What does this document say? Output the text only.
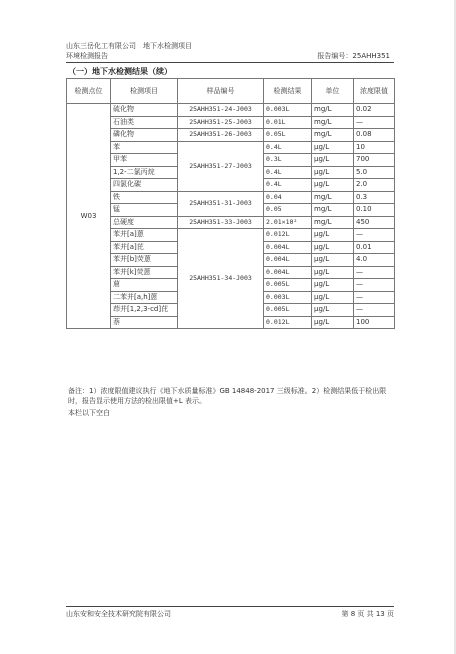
山东三岳化工有限公司　地下水检测项目
环境检测报告	报告编号：25AHH351
（一）地下水检测结果（续）
检测点位	检测项目	样品编号	检测结果	单位	浓度限值
W03	硫化物	25AHH351-24-J003	0.003L	mg/L	0.02
	石油类	25AHH351-25-J003	0.01L	mg/L	—
	磷化物	25AHH351-26-J003	0.05L	mg/L	0.08
	苯	25AHH351-27-J003	0.4L	μg/L	10
	甲苯		0.3L	μg/L	700
	1,2-二氯丙烷		0.4L	μg/L	5.0
	四氯化碳		0.4L	μg/L	2.0
	铁	25AHH351-31-J003	0.04	mg/L	0.3
	锰		0.05	mg/L	0.10
	总硬度	25AHH351-33-J003	2.01×10²	mg/L	450
	苯并[a]蒽	25AHH351-34-J003	0.012L	μg/L	—
	苯并[a]芘		0.004L	μg/L	0.01
	苯并[b]荧蒽		0.004L	μg/L	4.0
	苯并[k]荧蒽		0.004L	μg/L	—
	䓛		0.005L	μg/L	—
	二苯并[a,h]蒽		0.003L	μg/L	—
	茚并[1,2,3-cd]芘		0.005L	μg/L	—
	萘		0.012L	μg/L	100
备注：1）浓度限值建议执行《地下水质量标准》GB 14848-2017 三级标准。2）检测结果低于检出限时，报告显示使用方法的检出限值+L 表示。
本栏以下空白
山东安和安全技术研究院有限公司	第 8 页 共 13 页
